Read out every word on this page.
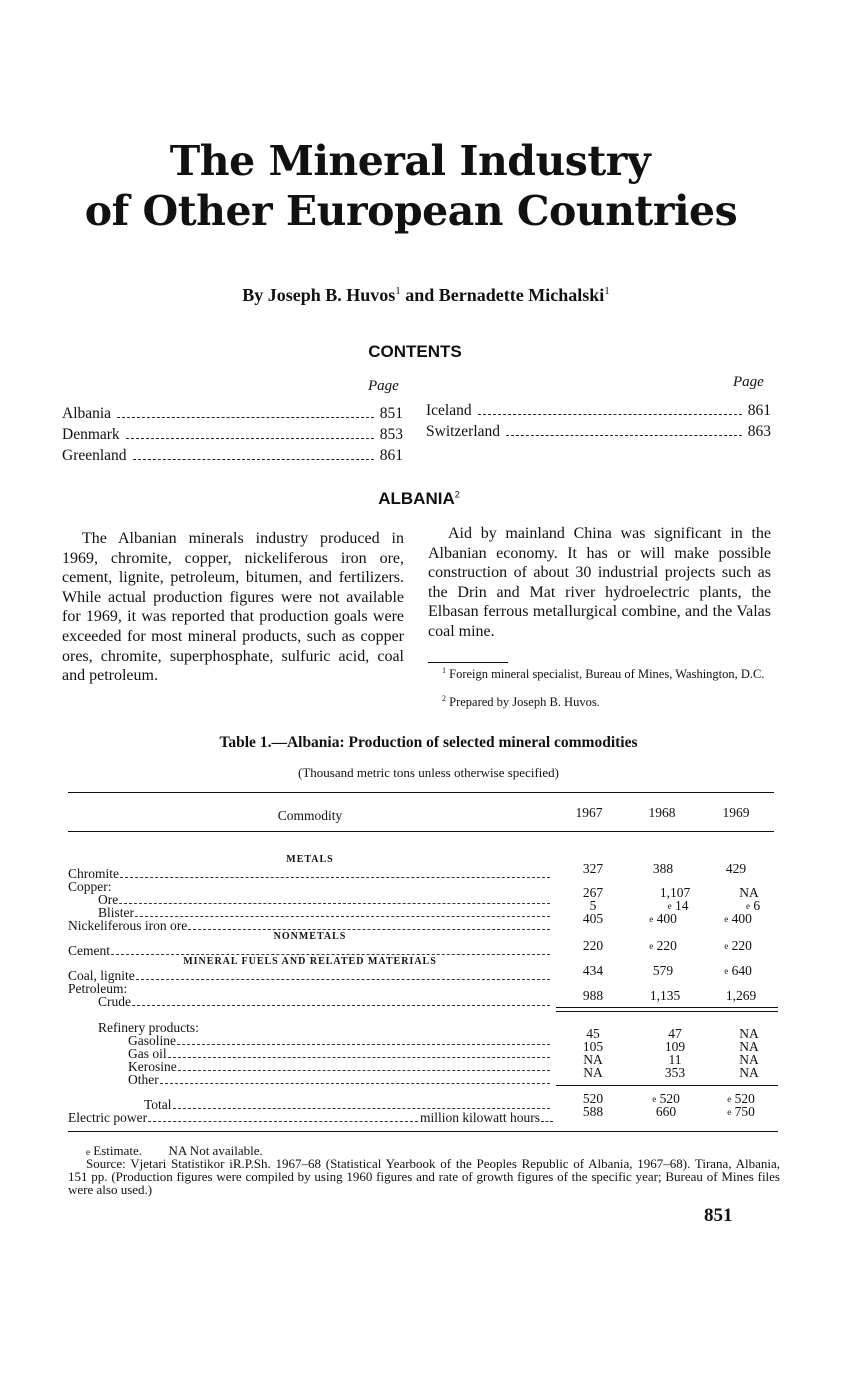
The Mineral Industry
of Other European Countries
By Joseph B. Huvos$^1$ and Bernadette Michalski$^1$
CONTENTS
Page	Page
Albania	851
Denmark	853
Greenland	861
Iceland	861
Switzerland	863
ALBANIA$^2$
The Albanian minerals industry produced in 1969, chromite, copper, nickeliferous iron ore, cement, lignite, petroleum, bitumen, and fertilizers. While actual production figures were not available for 1969, it was reported that production goals were exceeded for most mineral products, such as copper ores, chromite, superphosphate, sulfuric acid, coal and petroleum.
Aid by mainland China was significant in the Albanian economy. It has or will make possible construction of about 30 industrial projects such as the Drin and Mat river hydroelectric plants, the Elbasan ferrous metallurgical combine, and the Valas coal mine.
$^1$ Foreign mineral specialist, Bureau of Mines, Washington, D.C.
$^2$ Prepared by Joseph B. Huvos.
Table 1.—Albania: Production of selected mineral commodities
(Thousand metric tons unless otherwise specified)
Commodity	1967	1968	1969
METALS
NONMETALS
MINERAL FUELS AND RELATED MATERIALS
Chromite	327	388	429
Copper:
Ore	267	1,107	NA
Blister	5	e 14	e 6
Nickeliferous iron ore	405	e 400	e 400
Cement	220	e 220	e 220
Coal, lignite	434	579	e 640
Petroleum:
Crude	988	1,135	1,269
Refinery products:
Gasoline	45	47	NA
Gas oil	105	109	NA
Kerosine	NA	11	NA
Other	NA	353	NA
Total	520	e 520	e 520
Electric power	million kilowatt hours	588	660	e 750
e Estimate. NA Not available.
Source: Vjetari Statistikor iR.P.Sh. 1967–68 (Statistical Yearbook of the Peoples Republic of Albania, 1967–68). Tirana, Albania, 151 pp. (Production figures were compiled by using 1960 figures and rate of growth figures of the specific year; Bureau of Mines files were also used.)
851
